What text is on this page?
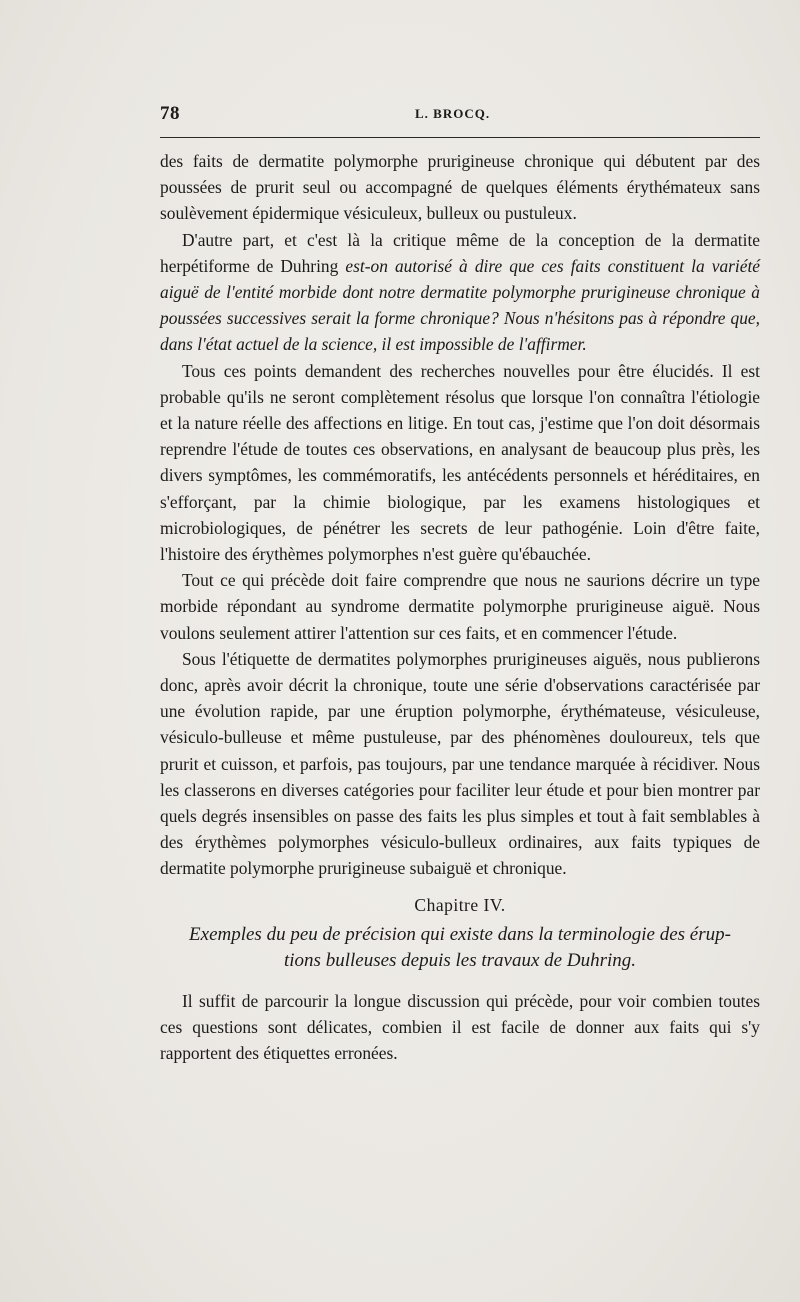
78	L. BROCQ.

des faits de dermatite polymorphe prurigineuse chronique qui débutent par des poussées de prurit seul ou accompagné de quelques éléments érythémateux sans soulèvement épidermique vésiculeux, bulleux ou pustuleux.

D'autre part, et c'est là la critique même de la conception de la dermatite herpétiforme de Duhring est-on autorisé à dire que ces faits constituent la variété aiguë de l'entité morbide dont notre dermatite polymorphe prurigineuse chronique à poussées successives serait la forme chronique? Nous n'hésitons pas à répondre que, dans l'état actuel de la science, il est impossible de l'affirmer.

Tous ces points demandent des recherches nouvelles pour être élucidés. Il est probable qu'ils ne seront complètement résolus que lorsque l'on connaîtra l'étiologie et la nature réelle des affections en litige. En tout cas, j'estime que l'on doit désormais reprendre l'étude de toutes ces observations, en analysant de beaucoup plus près, les divers symptômes, les commémoratifs, les antécédents personnels et héréditaires, en s'efforçant, par la chimie biologique, par les examens histologiques et microbiologiques, de pénétrer les secrets de leur pathogénie. Loin d'être faite, l'histoire des érythèmes polymorphes n'est guère qu'ébauchée.

Tout ce qui précède doit faire comprendre que nous ne saurions décrire un type morbide répondant au syndrome dermatite polymorphe prurigineuse aiguë. Nous voulons seulement attirer l'attention sur ces faits, et en commencer l'étude.

Sous l'étiquette de dermatites polymorphes prurigineuses aiguës, nous publierons donc, après avoir décrit la chronique, toute une série d'observations caractérisée par une évolution rapide, par une éruption polymorphe, érythémateuse, vésiculeuse, vésiculo-bulleuse et même pustuleuse, par des phénomènes douloureux, tels que prurit et cuisson, et parfois, pas toujours, par une tendance marquée à récidiver. Nous les classerons en diverses catégories pour faciliter leur étude et pour bien montrer par quels degrés insensibles on passe des faits les plus simples et tout à fait semblables à des érythèmes polymorphes vésiculo-bulleux ordinaires, aux faits typiques de dermatite polymorphe prurigineuse subaiguë et chronique.

Chapitre IV.
Exemples du peu de précision qui existe dans la terminologie des érup-
tions bulleuses depuis les travaux de Duhring.

Il suffit de parcourir la longue discussion qui précède, pour voir combien toutes ces questions sont délicates, combien il est facile de donner aux faits qui s'y rapportent des étiquettes erronées.
